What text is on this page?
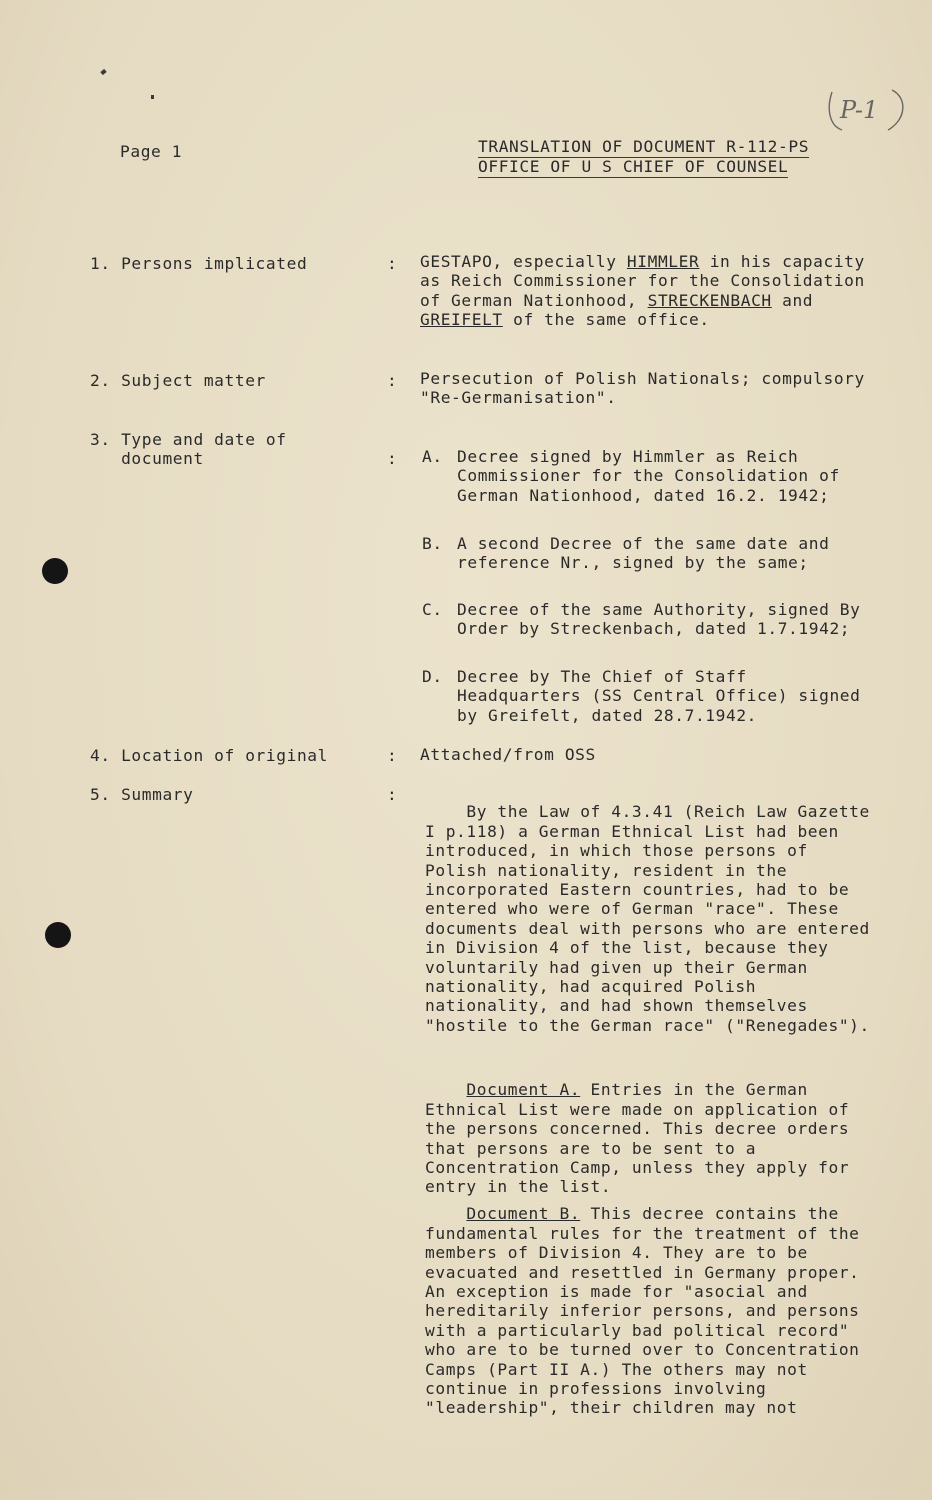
P-1
Page 1	TRANSLATION OF DOCUMENT R-112-PS
OFFICE OF U S CHIEF OF COUNSEL
1. Persons implicated	: GESTAPO, especially HIMMLER in his capacity as Reich Commissioner for the Consolidation of German Nationhood, STRECKENBACH and GREIFELT of the same office.
2. Subject matter	: Persecution of Polish Nationals; compulsory "Re-Germanisation".
3. Type and date of
document	: A. Decree signed by Himmler as Reich Commissioner for the Consolidation of German Nationhood, dated 16.2. 1942;
B. A second Decree of the same date and reference Nr., signed by the same;
C. Decree of the same Authority, signed By Order by Streckenbach, dated 1.7.1942;
D. Decree by The Chief of Staff Headquarters (SS Central Office) signed by Greifelt, dated 28.7.1942.
4. Location of original	: Attached/from OSS
5. Summary	:

By the Law of 4.3.41 (Reich Law Gazette I p.118) a German Ethnical List had been introduced, in which those persons of Polish nationality, resident in the incorporated Eastern countries, had to be entered who were of German "race". These documents deal with persons who are entered in Division 4 of the list, because they voluntarily had given up their German nationality, had acquired Polish nationality, and had shown themselves "hostile to the German race" ("Renegades").

Document A. Entries in the German Ethnical List were made on application of the persons concerned. This decree orders that persons are to be sent to a Concentration Camp, unless they apply for entry in the list.

Document B. This decree contains the fundamental rules for the treatment of the members of Division 4. They are to be evacuated and resettled in Germany proper. An exception is made for "asocial and hereditarily inferior persons, and persons with a particularly bad political record" who are to be turned over to Concentration Camps (Part II A.) The others may not continue in professions involving "leadership", their children may not
